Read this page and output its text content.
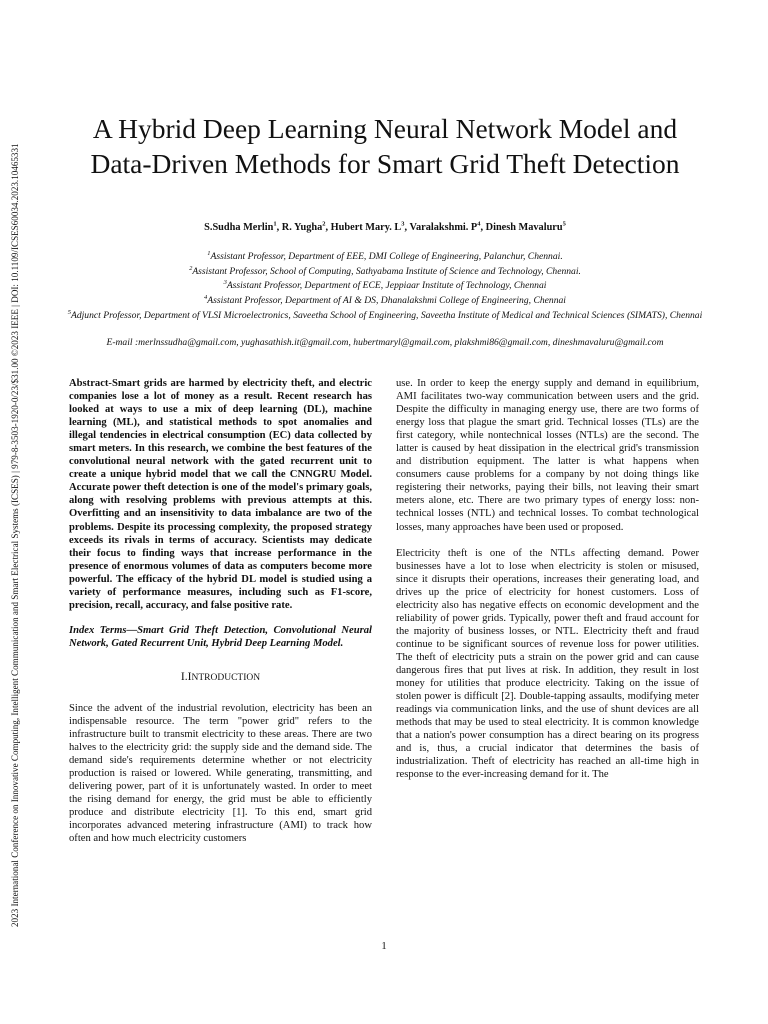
2023 International Conference on Innovative Computing, Intelligent Communication and Smart Electrical Systems (ICSES) | 979-8-3503-1920-0/23/$31.00 ©2023 IEEE | DOI: 10.1109/ICSES60034.2023.10465331
A Hybrid Deep Learning Neural Network Model and Data-Driven Methods for Smart Grid Theft Detection
S.Sudha Merlin$^1$, R. Yugha$^2$, Hubert Mary. $L^3$, Varalakshmi. $P^4$, Dinesh Mavaluru$^5$
$^1$Assistant Professor, Department of EEE, DMI College of Engineering, Palanchur, Chennai.
$^2$Assistant Professor, School of Computing, Sathyabama Institute of Science and Technology, Chennai.
$^3$Assistant Professor, Department of ECE, Jeppiaar Institute of Technology, Chennai
$^4$Assistant Professor, Department of AI & DS, Dhanalakshmi College of Engineering, Chennai
$^5$Adjunct Professor, Department of VLSI Microelectronics, Saveetha School of Engineering, Saveetha Institute of Medical and Technical Sciences (SIMATS), Chennai
E-mail :merlnssudha@gmail.com, yughasathish.it@gmail.com, hubertmaryl@gmail.com, plakshmi86@gmail.com, dineshmavaluru@gmail.com

Abstract-Smart grids are harmed by electricity theft, and electric companies lose a lot of money as a result. Recent research has looked at ways to use a mix of deep learning (DL), machine learning (ML), and statistical methods to spot anomalies and illegal tendencies in electrical consumption (EC) data collected by smart meters. In this research, we combine the best features of the convolutional neural network with the gated recurrent unit to create a unique hybrid model that we call the CNNGRU Model. Accurate power theft detection is one of the model's primary goals, along with resolving problems with previous attempts at this. Overfitting and an insensitivity to data imbalance are two of the problems. Despite its processing complexity, the proposed strategy exceeds its rivals in terms of accuracy. Scientists may dedicate their focus to finding ways that increase performance in the presence of enormous volumes of data as computers become more powerful. The efficacy of the hybrid DL model is studied using a variety of performance measures, including such as F1-score, precision, recall, accuracy, and false positive rate.

Index Terms—Smart Grid Theft Detection, Convolutional Neural Network, Gated Recurrent Unit, Hybrid Deep Learning Model.

I.INTRODUCTION

Since the advent of the industrial revolution, electricity has been an indispensable resource. The term "power grid" refers to the infrastructure built to transmit electricity to these areas. There are two halves to the electricity grid: the supply side and the demand side. The demand side's requirements determine whether or not electricity production is raised or lowered. While generating, transmitting, and delivering power, part of it is unfortunately wasted. In order to meet the rising demand for energy, the grid must be able to efficiently produce and distribute electricity [1]. To this end, smart grid incorporates advanced metering infrastructure (AMI) to track how often and how much electricity customers

use. In order to keep the energy supply and demand in equilibrium, AMI facilitates two-way communication between users and the grid. Despite the difficulty in managing energy use, there are two forms of energy loss that plague the smart grid. Technical losses (TLs) are the first category, while nontechnical losses (NTLs) are the second. The latter is caused by heat dissipation in the electrical grid's transmission and distribution equipment. The latter is what happens when consumers cause problems for a company by not doing things like registering their networks, paying their bills, not leaving their smart meters alone, etc. There are two primary types of energy loss: non-technical losses (NTL) and technical losses. To combat technological losses, many approaches have been used or proposed.

Electricity theft is one of the NTLs affecting demand. Power businesses have a lot to lose when electricity is stolen or misused, since it disrupts their operations, increases their generating load, and drives up the price of electricity for honest customers. Loss of electricity also has negative effects on economic development and the reliability of power grids. Typically, power theft and fraud account for the majority of business losses, or NTL. Electricity theft and fraud continue to be significant sources of revenue loss for power utilities. The theft of electricity puts a strain on the power grid and can cause dangerous fires that put lives at risk. In addition, they result in lost money for utilities that produce electricity. Taking on the issue of stolen power is difficult [2]. Double-tapping assaults, modifying meter readings via communication links, and the use of shunt devices are all methods that may be used to steal electricity. It is common knowledge that a nation's power consumption has a direct bearing on its progress and is, thus, a crucial indicator that determines the basis of industrialization. Theft of electricity has reached an all-time high in response to the ever-increasing demand for it. The

1
